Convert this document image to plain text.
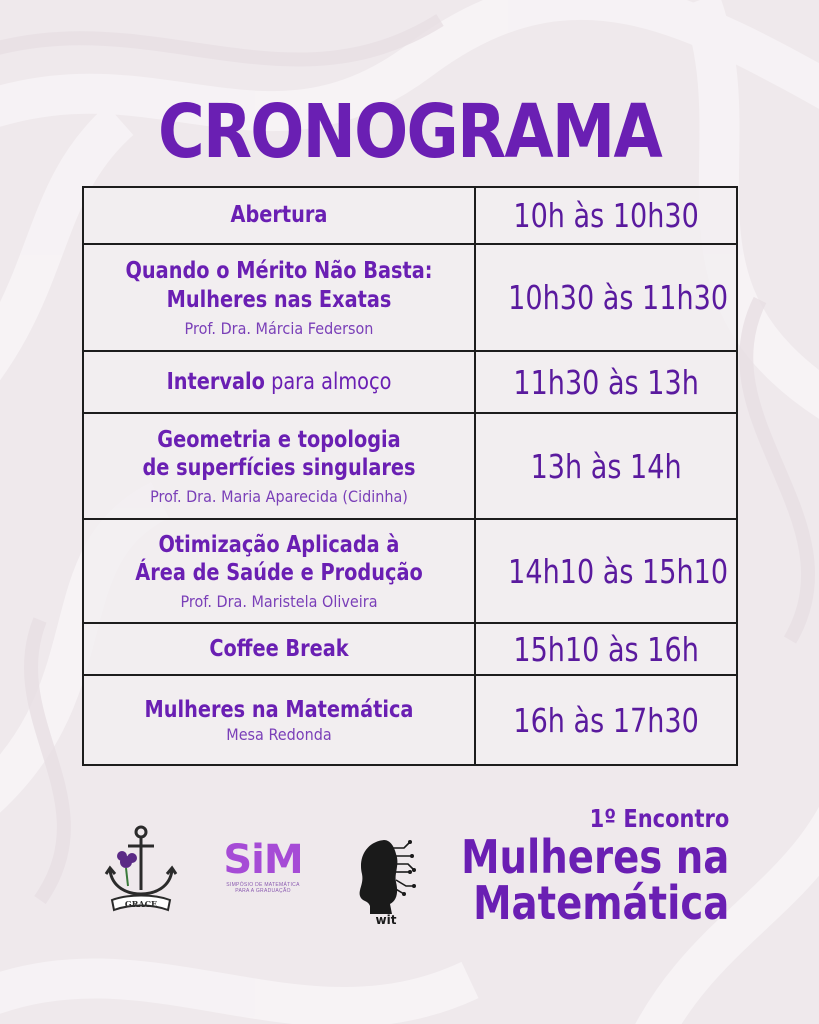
CRONOGRAMA
Abertura	10h às 10h30

Quando o Mérito Não Basta:
Mulheres nas Exatas
Prof. Dra. Márcia Federson	10h30 às 11h30

Intervalo para almoço	11h30 às 13h

Geometria e topologia
de superfícies singulares
Prof. Dra. Maria Aparecida (Cidinha)	13h às 14h

Otimização Aplicada à
Área de Saúde e Produção
Prof. Dra. Maristela Oliveira	14h10 às 15h10

Coffee Break	15h10 às 16h

Mulheres na Matemática
Mesa Redonda	16h às 17h30
GRACE
SiM
SIMPÓSIO DE MATEMÁTICA
PARA A GRADUAÇÃO
wit
1º Encontro
Mulheres na
Matemática
